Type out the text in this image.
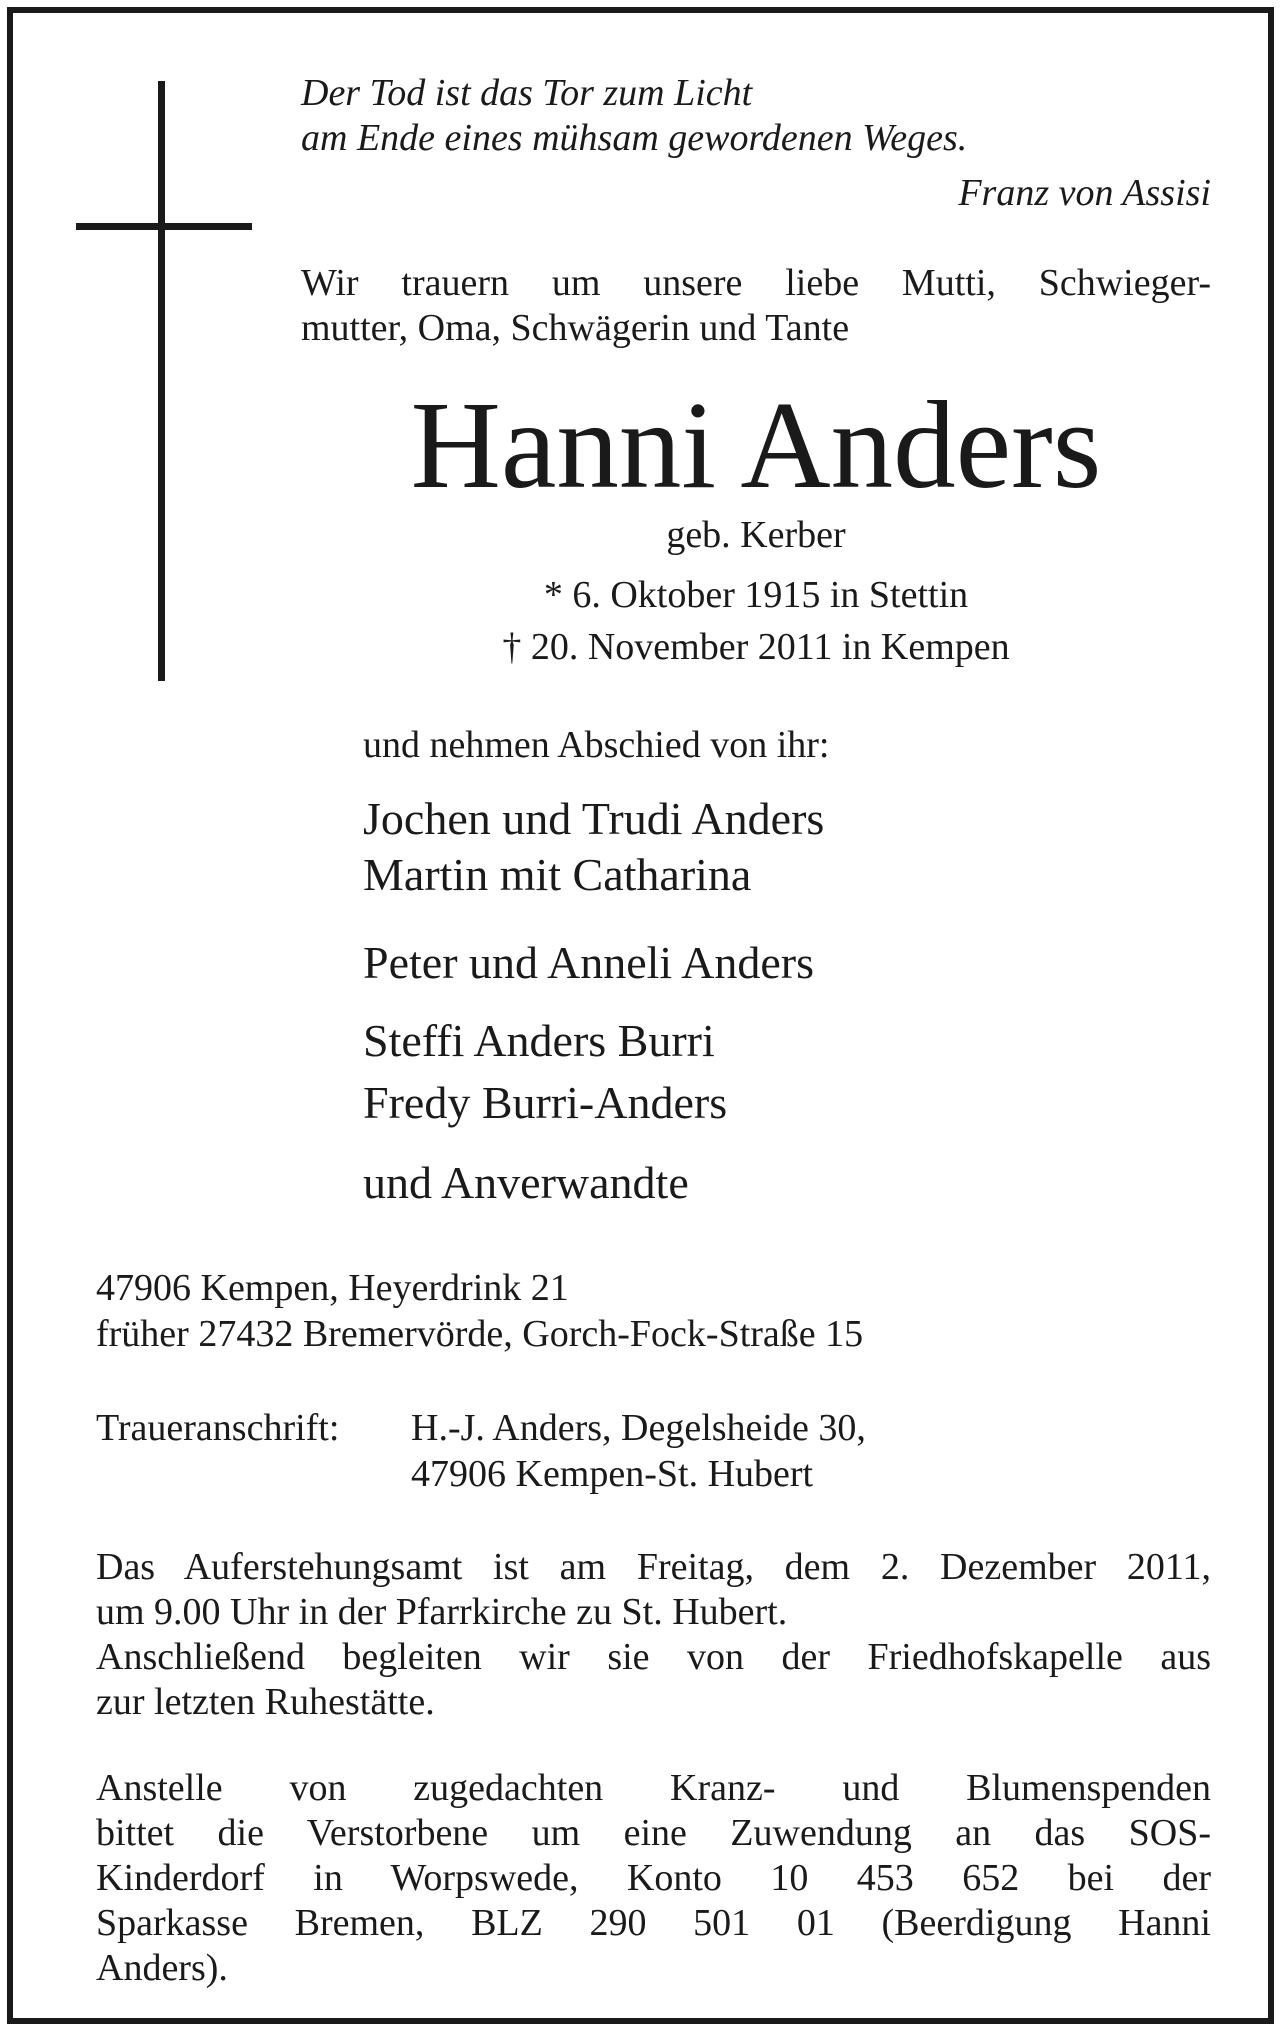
Der Tod ist das Tor zum Licht
am Ende eines mühsam gewordenen Weges.
Franz von Assisi
Wir trauern um unsere liebe Mutti, Schwieger-
mutter, Oma, Schwägerin und Tante
Hanni Anders
geb. Kerber
* 6. Oktober 1915 in Stettin
† 20. November 2011 in Kempen
und nehmen Abschied von ihr:
Jochen und Trudi Anders
Martin mit Catharina
Peter und Anneli Anders
Steffi Anders Burri
Fredy Burri-Anders
und Anverwandte
47906 Kempen, Heyerdrink 21
früher 27432 Bremervörde, Gorch-Fock-Straße 15
Traueranschrift: H.-J. Anders, Degelsheide 30,
47906 Kempen-St. Hubert
Das Auferstehungsamt ist am Freitag, dem 2. Dezember 2011,
um 9.00 Uhr in der Pfarrkirche zu St. Hubert.
Anschließend begleiten wir sie von der Friedhofskapelle aus
zur letzten Ruhestätte.
Anstelle von zugedachten Kranz- und Blumenspenden
bittet die Verstorbene um eine Zuwendung an das SOS-
Kinderdorf in Worpswede, Konto 10 453 652 bei der
Sparkasse Bremen, BLZ 290 501 01 (Beerdigung Hanni
Anders).
